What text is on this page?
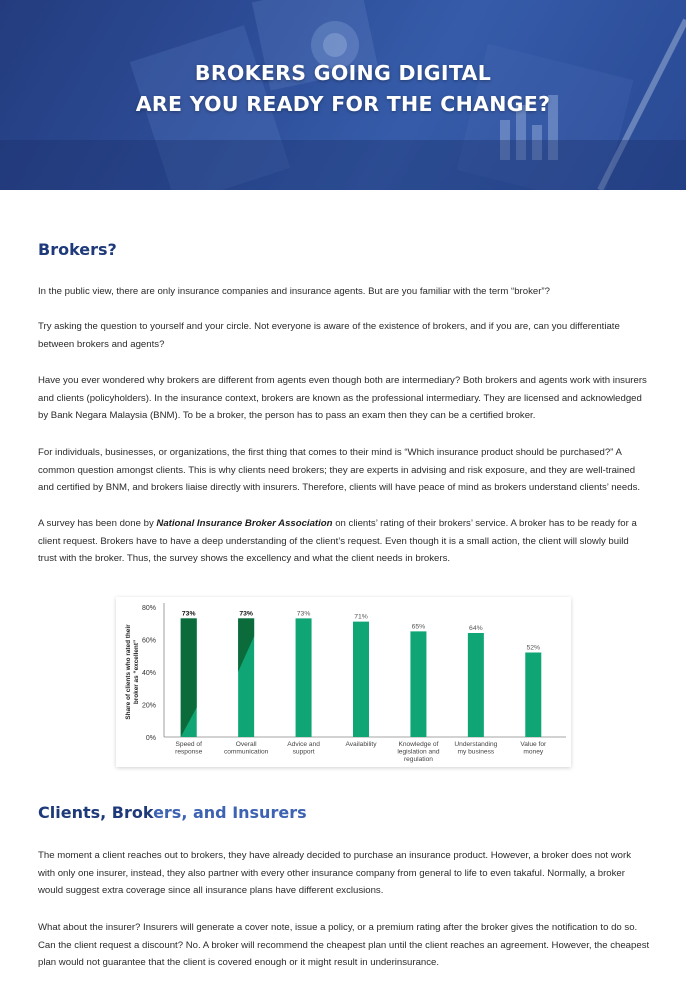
BROKERS GOING DIGITAL
ARE YOU READY FOR THE CHANGE?
Brokers?

In the public view, there are only insurance companies and insurance agents. But are you familiar with the term “broker”?

Try asking the question to yourself and your circle. Not everyone is aware of the existence of brokers, and if you are, can you differentiate between brokers and agents?

Have you ever wondered why brokers are different from agents even though both are intermediary? Both brokers and agents work with insurers and clients (policyholders). In the insurance context, brokers are known as the professional intermediary. They are licensed and acknowledged by Bank Negara Malaysia (BNM). To be a broker, the person has to pass an exam then they can be a certified broker.

For individuals, businesses, or organizations, the first thing that comes to their mind is “Which insurance product should be purchased?” A common question amongst clients. This is why clients need brokers; they are experts in advising and risk exposure, and they are well-trained and certified by BNM, and brokers liaise directly with insurers. Therefore, clients will have peace of mind as brokers understand clients’ needs.

A survey has been done by National Insurance Broker Association on clients’ rating of their brokers’ service. A broker has to be ready for a client request. Brokers have to have a deep understanding of the client’s request. Even though it is a small action, the client will slowly build trust with the broker. Thus, the survey shows the excellency and what the client needs in brokers.

0%
20%
40%
60%
80%
Share of clients who rated theirbroker as “excellent”
73%
Speed of
response
73%
Overall
communication
73%
Advice and
support
71%
Availability
65%
Knowledge of
legislation and
regulation
64%
Understanding
my business
52%
Value for
money
Clients, Brokers, and Insurers

The moment a client reaches out to brokers, they have already decided to purchase an insurance product. However, a broker does not work with only one insurer, instead, they also partner with every other insurance company from general to life to even takaful. Normally, a broker would suggest extra coverage since all insurance plans have different exclusions.

What about the insurer? Insurers will generate a cover note, issue a policy, or a premium rating after the broker gives the notification to do so. Can the client request a discount? No. A broker will recommend the cheapest plan until the client reaches an agreement. However, the cheapest plan would not guarantee that the client is covered enough or it might result in underinsurance.
